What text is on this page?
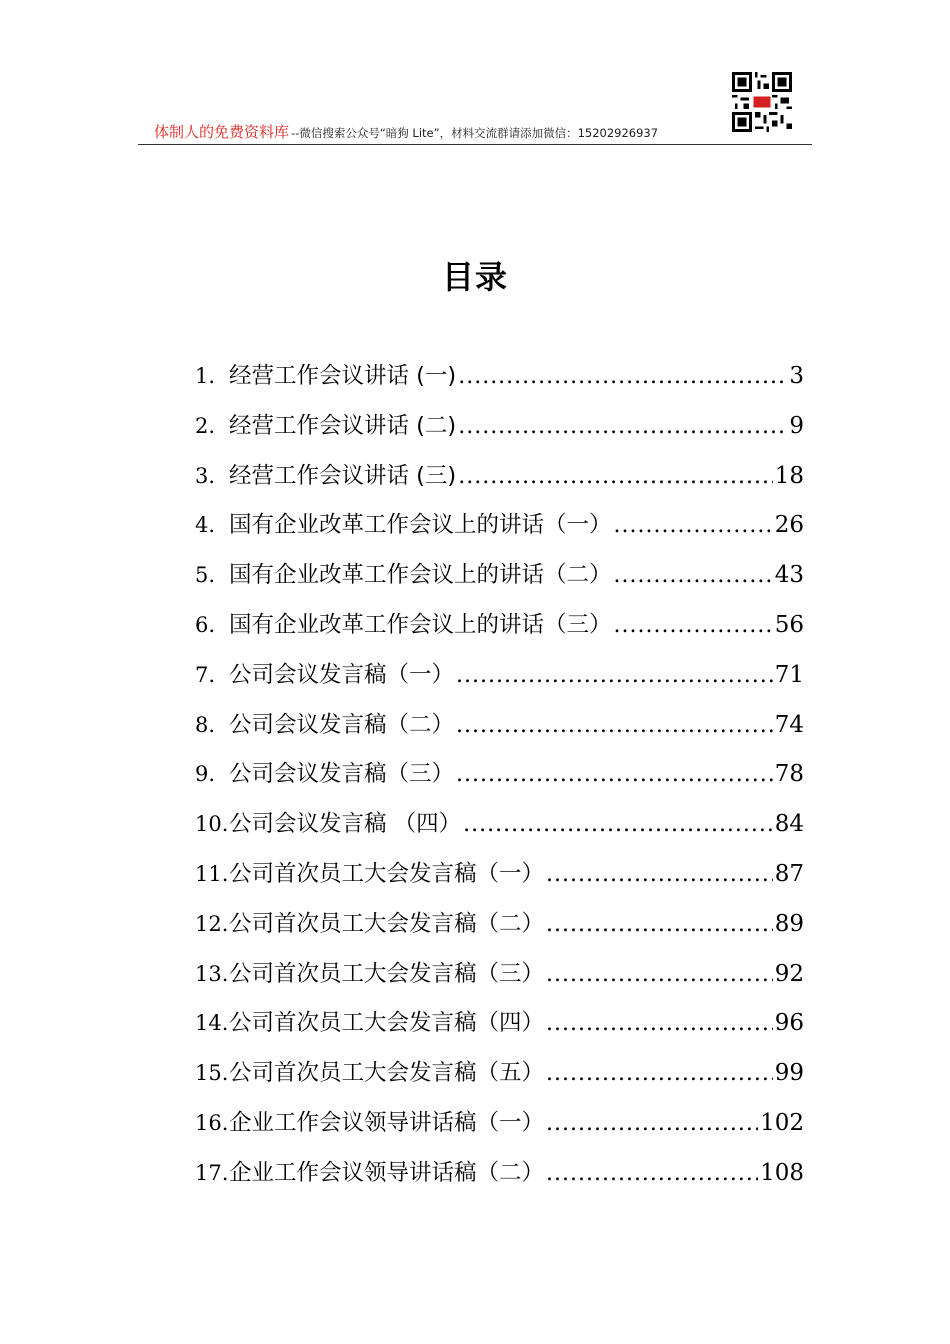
体制人的免费资料库 --微信搜索公众号“暗狗 Lite”，材料交流群请添加微信：15202926937
目录
1. 经营工作会议讲话 (一) .....	3
2. 经营工作会议讲话 (二) .....	9
3. 经营工作会议讲话 (三) .....	18
4. 国有企业改革工作会议上的讲话（一） .....	26
5. 国有企业改革工作会议上的讲话（二） .....	43
6. 国有企业改革工作会议上的讲话（三） .....	56
7. 公司会议发言稿（一） .....	71
8. 公司会议发言稿（二） .....	74
9. 公司会议发言稿（三） .....	78
10. 公司会议发言稿 （四） .....	84
11. 公司首次员工大会发言稿（一） .....	87
12. 公司首次员工大会发言稿（二） .....	89
13. 公司首次员工大会发言稿（三） .....	92
14. 公司首次员工大会发言稿（四） .....	96
15. 公司首次员工大会发言稿（五） .....	99
16. 企业工作会议领导讲话稿（一） .....	102
17. 企业工作会议领导讲话稿（二） .....	108
